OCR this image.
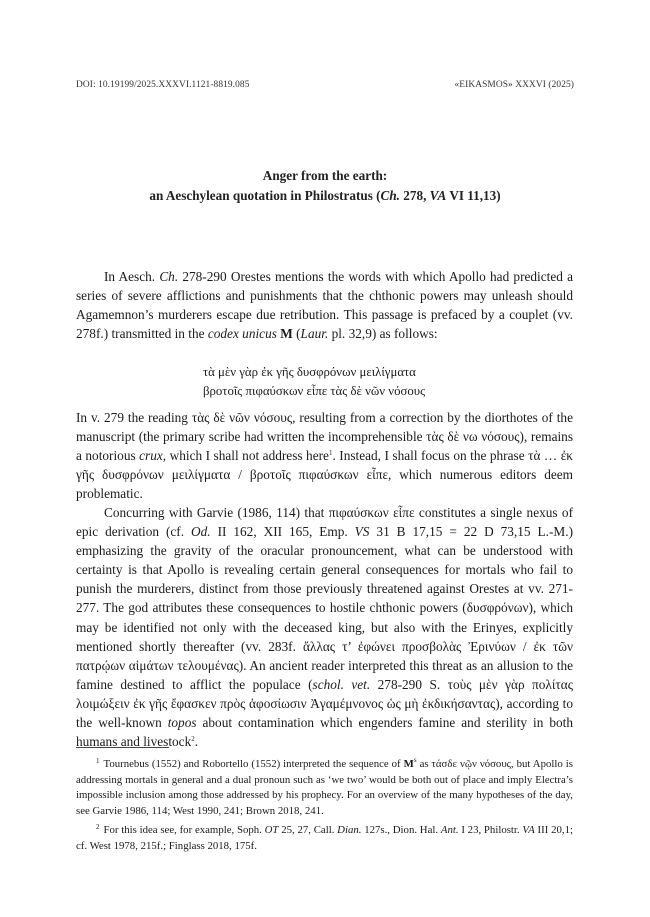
DOI: 10.19199/2025.XXXVI.1121-8819.085	«EIKASMOS» XXXVI (2025)
Anger from the earth:
an Aeschylean quotation in Philostratus (Ch. 278, VA VI 11,13)

In Aesch. Ch. 278-290 Orestes mentions the words with which Apollo had predicted a series of severe afflictions and punishments that the chthonic powers may unleash should Agamemnon’s murderers escape due retribution. This passage is prefaced by a couplet (vv. 278f.) transmitted in the codex unicus M (Laur. pl. 32,9) as follows:

τὰ μὲν γὰρ ἐκ γῆς δυσφρόνων μειλίγματα
βροτοῖς πιφαύσκων εἶπε τὰς δὲ νῶν νόσους

In v. 279 the reading τὰς δὲ νῶν νόσους, resulting from a correction by the diorthotes of the manuscript (the primary scribe had written the incomprehensible τὰς δὲ νω νόσους), remains a notorious crux, which I shall not address here$^1$. Instead, I shall focus on the phrase τὰ … ἐκ γῆς δυσφρόνων μειλίγματα / βροτοῖς πιφαύσκων εἶπε, which numerous editors deem problematic.

Concurring with Garvie (1986, 114) that πιφαύσκων εἶπε constitutes a single nexus of epic derivation (cf. Od. II 162, XII 165, Emp. VS 31 B 17,15 = 22 D 73,15 L.-M.) emphasizing the gravity of the oracular pronouncement, what can be understood with certainty is that Apollo is revealing certain general consequences for mortals who fail to punish the murderers, distinct from those previously threatened against Orestes at vv. 271-277. The god attributes these consequences to hostile chthonic powers (δυσφρόνων), which may be identified not only with the deceased king, but also with the Erinyes, explicitly mentioned shortly thereafter (vv. 283f. ἄλλας τ’ ἐφώνει προσβολὰς Ἐρινύων / ἐκ τῶν πατρῴων αἱμάτων τελουμένας). An ancient reader interpreted this threat as an allusion to the famine destined to afflict the populace (schol. vet. 278-290 S. τοὺς μὲν γὰρ πολίτας λοιμώξειν ἐκ γῆς ἔφασκεν πρὸς ἀφοσίωσιν Ἀγαμέμνονος ὡς μὴ ἐκδικήσαντας), according to the well-known topos about contamination which engenders famine and sterility in both humans and livestock$^2$.

$^1$ Tournebus (1552) and Robortello (1552) interpreted the sequence of $M^s$ as τάσδε νῷν νόσους, but Apollo is addressing mortals in general and a dual pronoun such as ‘we two’ would be both out of place and imply Electra’s impossible inclusion among those addressed by his prophecy. For an overview of the many hypotheses of the day, see Garvie 1986, 114; West 1990, 241; Brown 2018, 241.

$^2$ For this idea see, for example, Soph. OT 25, 27, Call. Dian. 127s., Dion. Hal. Ant. I 23, Philostr. VA III 20,1; cf. West 1978, 215f.; Finglass 2018, 175f.
